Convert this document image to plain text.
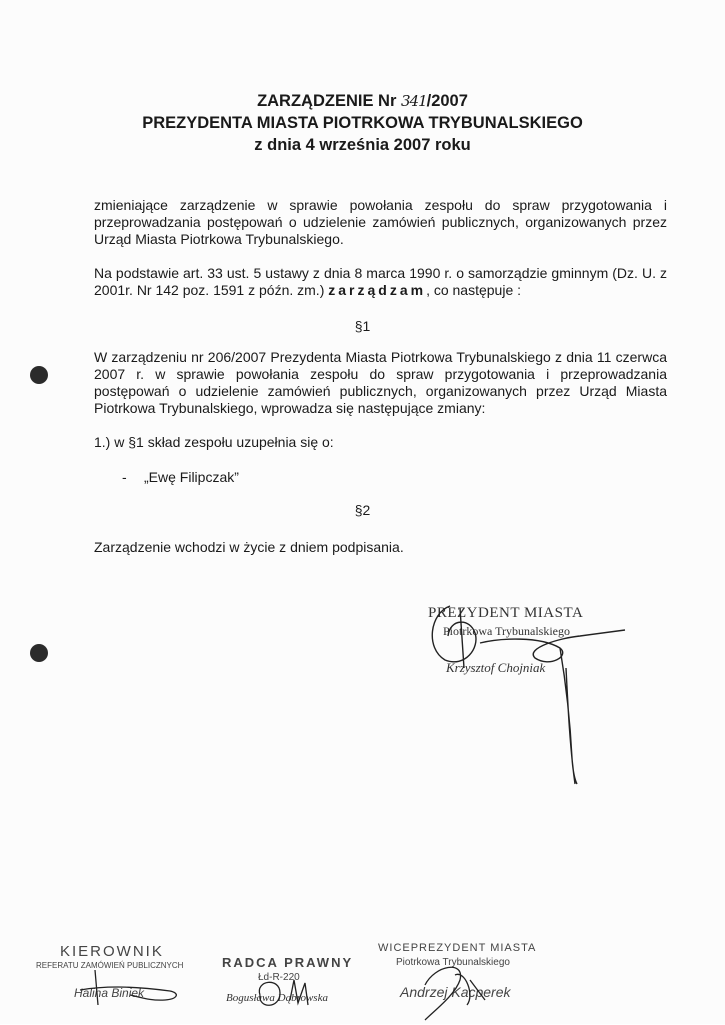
ZARZĄDZENIE Nr 341/2007
PREZYDENTA MIASTA PIOTRKOWA TRYBUNALSKIEGO
z dnia 4 września 2007 roku
zmieniające zarządzenie w sprawie powołania zespołu do spraw przygotowania i przeprowadzania postępowań o udzielenie zamówień publicznych, organizowanych przez Urząd Miasta Piotrkowa Trybunalskiego.
Na podstawie art. 33 ust. 5 ustawy z dnia 8 marca 1990 r. o samorządzie gminnym (Dz. U. z 2001r. Nr 142 poz. 1591 z późn. zm.) zarządzam, co następuje :
§1
W zarządzeniu nr 206/2007 Prezydenta Miasta Piotrkowa Trybunalskiego z dnia 11 czerwca 2007 r. w sprawie powołania zespołu do spraw przygotowania i przeprowadzania postępowań o udzielenie zamówień publicznych, organizowanych przez Urząd Miasta Piotrkowa Trybunalskiego, wprowadza się następujące zmiany:
1.) w §1 skład zespołu uzupełnia się o:
- „Ewę Filipczak”
§2
Zarządzenie wchodzi w życie z dniem podpisania.
PREZYDENT MIASTA
Piotrkowa Trybunalskiego
Krzysztof Chojniak
KIEROWNIK
REFERATU ZAMÓWIEŃ PUBLICZNYCH
Halina Biniek
RADCA PRAWNY
Łd-R-220
Bogusława Dąbrowska
WICEPREZYDENT MIASTA
Piotrkowa Trybunalskiego
Andrzej Kacperek
